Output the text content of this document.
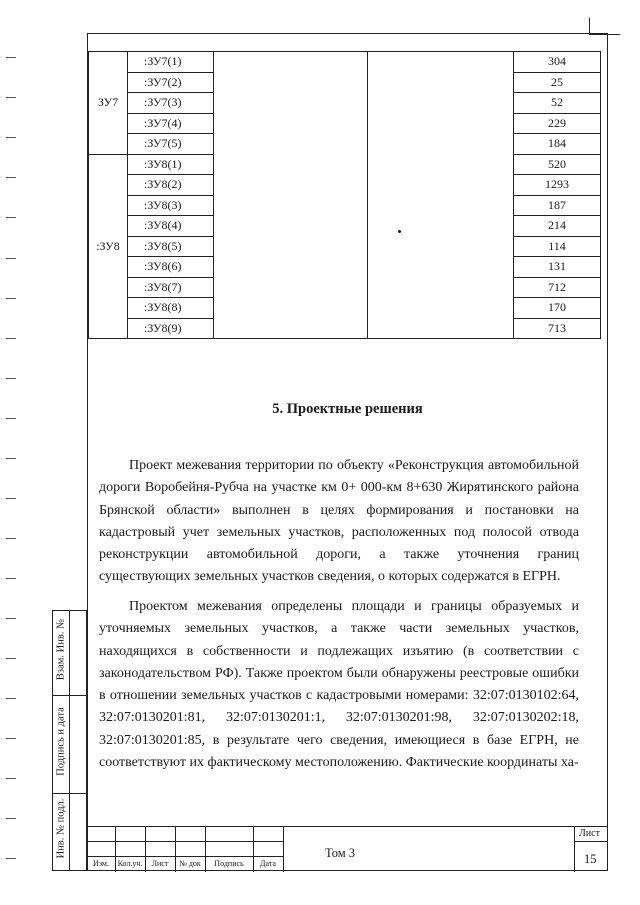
ЗУ7	:ЗУ7(1)			304
	:ЗУ7(2)			25
	:ЗУ7(3)			52
	:ЗУ7(4)			229
	:ЗУ7(5)			184
:ЗУ8	:ЗУ8(1)			520
	:ЗУ8(2)			1293
	:ЗУ8(3)			187
	:ЗУ8(4)			214
	:ЗУ8(5)			114
	:ЗУ8(6)			131
	:ЗУ8(7)			712
	:ЗУ8(8)			170
	:ЗУ8(9)			713
5. Проектные решения

Проект межевания территории по объекту «Реконструкция автомобильной дороги Воробейня-Рубча на участке км 0+ 000-км 8+630 Жирятинского района Брянской области» выполнен в целях формирования и постановки на кадастровый учет земельных участков, расположенных под полосой отвода реконструкции автомобильной дороги, а также уточнения границ существующих земельных участков сведения, о которых содержатся в ЕГРН.

Проектом межевания определены площади и границы образуемых и уточняемых земельных участков, а также части земельных участков, находящихся в собственности и подлежащих изъятию (в соответствии с законодательством РФ). Также проектом были обнаружены реестровые ошибки в отношении земельных участков с кадастровыми номерами: 32:07:0130102:64, 32:07:0130201:81, 32:07:0130201:1, 32:07:0130201:98, 32:07:0130202:18, 32:07:0130201:85, в результате чего сведения, имеющиеся в базе ЕГРН, не соответствуют их фактическому местоположению. Фактические координаты ха-

Взам. Инв. №
Подпись и дата
Инв. № подл.
Изм.	Кол.уч.	Лист	№ док	Подпись	Дата
Том 3
Лист
15
